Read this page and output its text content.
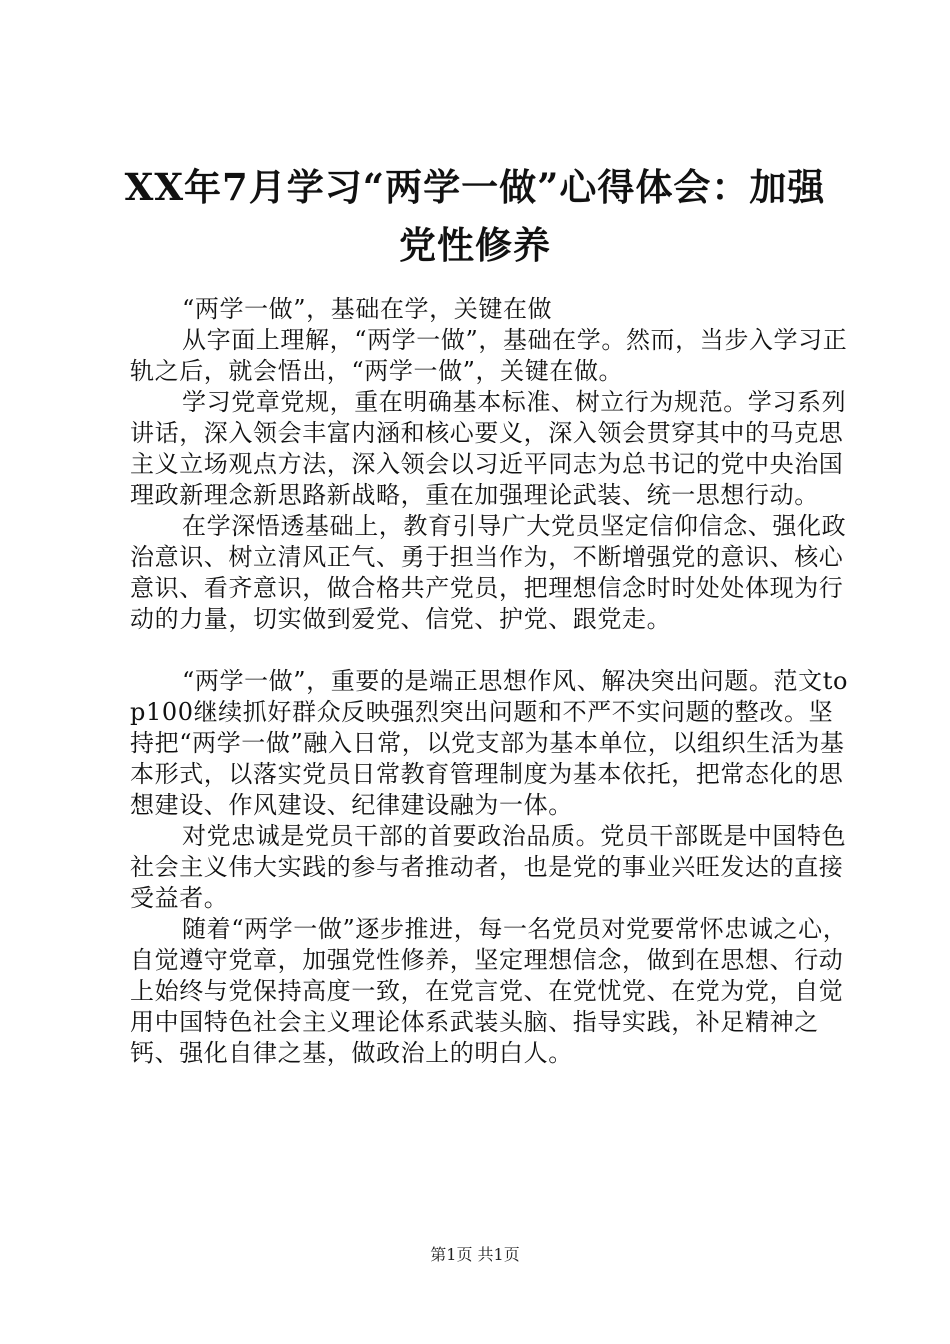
XX年7月学习“两学一做”心得体会：加强党性修养

“两学一做”，基础在学，关键在做

从字面上理解，“两学一做”，基础在学。然而，当步入学习正轨之后，就会悟出，“两学一做”，关键在做。

学习党章党规，重在明确基本标准、树立行为规范。学习系列讲话，深入领会丰富内涵和核心要义，深入领会贯穿其中的马克思主义立场观点方法，深入领会以习近平同志为总书记的党中央治国理政新理念新思路新战略，重在加强理论武装、统一思想行动。

在学深悟透基础上，教育引导广大党员坚定信仰信念、强化政治意识、树立清风正气、勇于担当作为，不断增强党的意识、核心意识、看齐意识，做合格共产党员，把理想信念时时处处体现为行动的力量，切实做到爱党、信党、护党、跟党走。

“两学一做”，重要的是端正思想作风、解决突出问题。范文top100继续抓好群众反映强烈突出问题和不严不实问题的整改。坚持把“两学一做”融入日常，以党支部为基本单位，以组织生活为基本形式，以落实党员日常教育管理制度为基本依托，把常态化的思想建设、作风建设、纪律建设融为一体。

对党忠诚是党员干部的首要政治品质。党员干部既是中国特色社会主义伟大实践的参与者推动者，也是党的事业兴旺发达的直接受益者。

随着“两学一做”逐步推进，每一名党员对党要常怀忠诚之心，自觉遵守党章，加强党性修养，坚定理想信念，做到在思想、行动上始终与党保持高度一致，在党言党、在党忧党、在党为党，自觉用中国特色社会主义理论体系武装头脑、指导实践，补足精神之钙、强化自律之基，做政治上的明白人。

第1页 共1页
